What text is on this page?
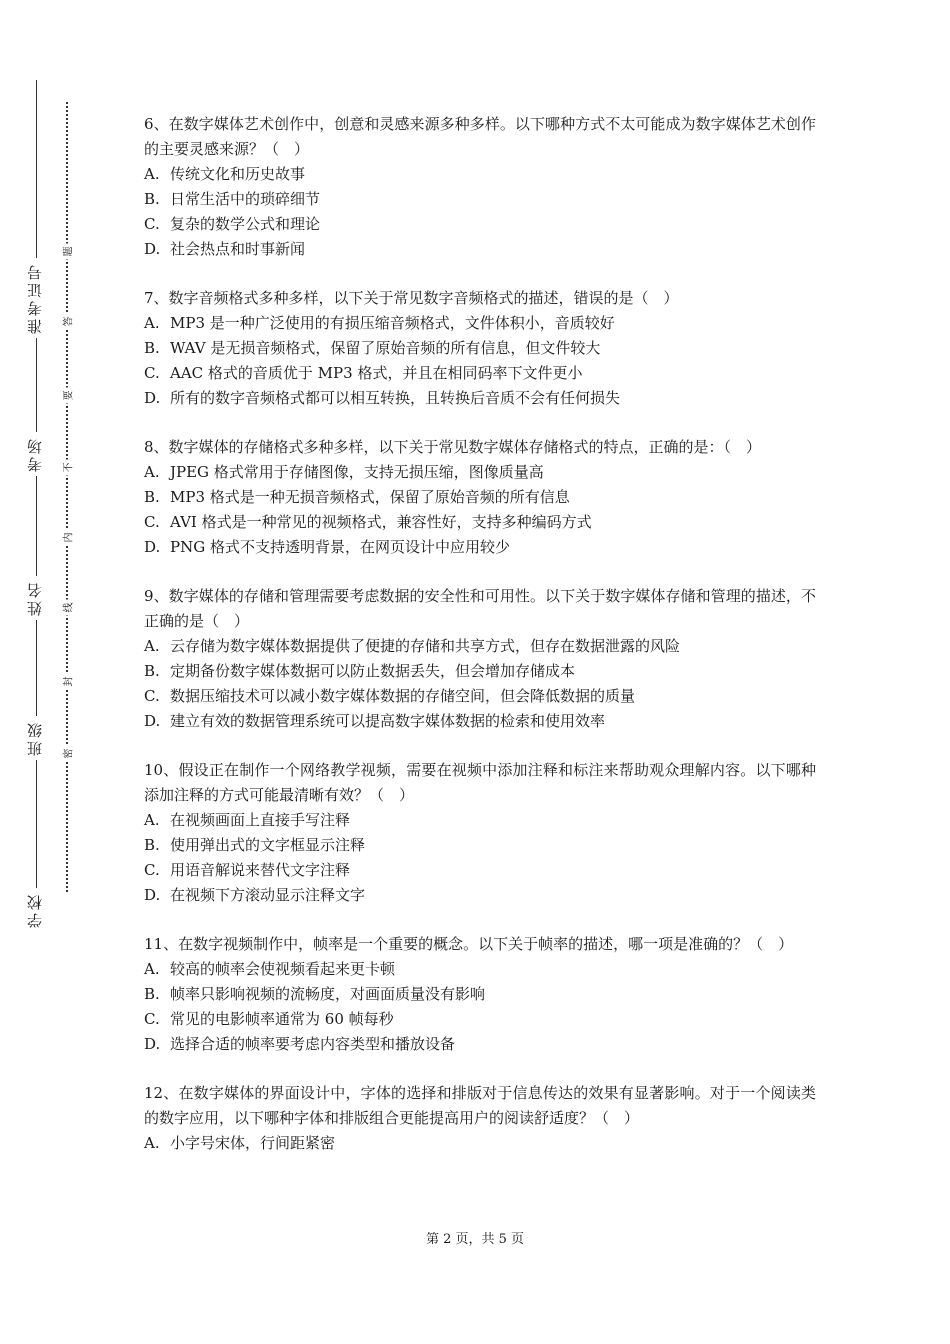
准考证号
考场
姓名
班级
学校
题
答
要
不
内
线
封
密
6、在数字媒体艺术创作中，创意和灵感来源多种多样。以下哪种方式不太可能成为数字媒体艺术创作的主要灵感来源？（　）
A. 传统文化和历史故事
B. 日常生活中的琐碎细节
C. 复杂的数学公式和理论
D. 社会热点和时事新闻
7、数字音频格式多种多样，以下关于常见数字音频格式的描述，错误的是（　）
A. MP3 是一种广泛使用的有损压缩音频格式，文件体积小，音质较好
B. WAV 是无损音频格式，保留了原始音频的所有信息，但文件较大
C. AAC 格式的音质优于 MP3 格式，并且在相同码率下文件更小
D. 所有的数字音频格式都可以相互转换，且转换后音质不会有任何损失
8、数字媒体的存储格式多种多样，以下关于常见数字媒体存储格式的特点，正确的是：（　）
A. JPEG 格式常用于存储图像，支持无损压缩，图像质量高
B. MP3 格式是一种无损音频格式，保留了原始音频的所有信息
C. AVI 格式是一种常见的视频格式，兼容性好，支持多种编码方式
D. PNG 格式不支持透明背景，在网页设计中应用较少
9、数字媒体的存储和管理需要考虑数据的安全性和可用性。以下关于数字媒体存储和管理的描述，不正确的是（　）
A. 云存储为数字媒体数据提供了便捷的存储和共享方式，但存在数据泄露的风险
B. 定期备份数字媒体数据可以防止数据丢失，但会增加存储成本
C. 数据压缩技术可以减小数字媒体数据的存储空间，但会降低数据的质量
D. 建立有效的数据管理系统可以提高数字媒体数据的检索和使用效率
10、假设正在制作一个网络教学视频，需要在视频中添加注释和标注来帮助观众理解内容。以下哪种添加注释的方式可能最清晰有效？（　）
A. 在视频画面上直接手写注释
B. 使用弹出式的文字框显示注释
C. 用语音解说来替代文字注释
D. 在视频下方滚动显示注释文字
11、在数字视频制作中，帧率是一个重要的概念。以下关于帧率的描述，哪一项是准确的？（　）
A. 较高的帧率会使视频看起来更卡顿
B. 帧率只影响视频的流畅度，对画面质量没有影响
C. 常见的电影帧率通常为 60 帧每秒
D. 选择合适的帧率要考虑内容类型和播放设备
12、在数字媒体的界面设计中，字体的选择和排版对于信息传达的效果有显著影响。对于一个阅读类的数字应用，以下哪种字体和排版组合更能提高用户的阅读舒适度？（　）
A. 小字号宋体，行间距紧密
第 2 页，共 5 页
